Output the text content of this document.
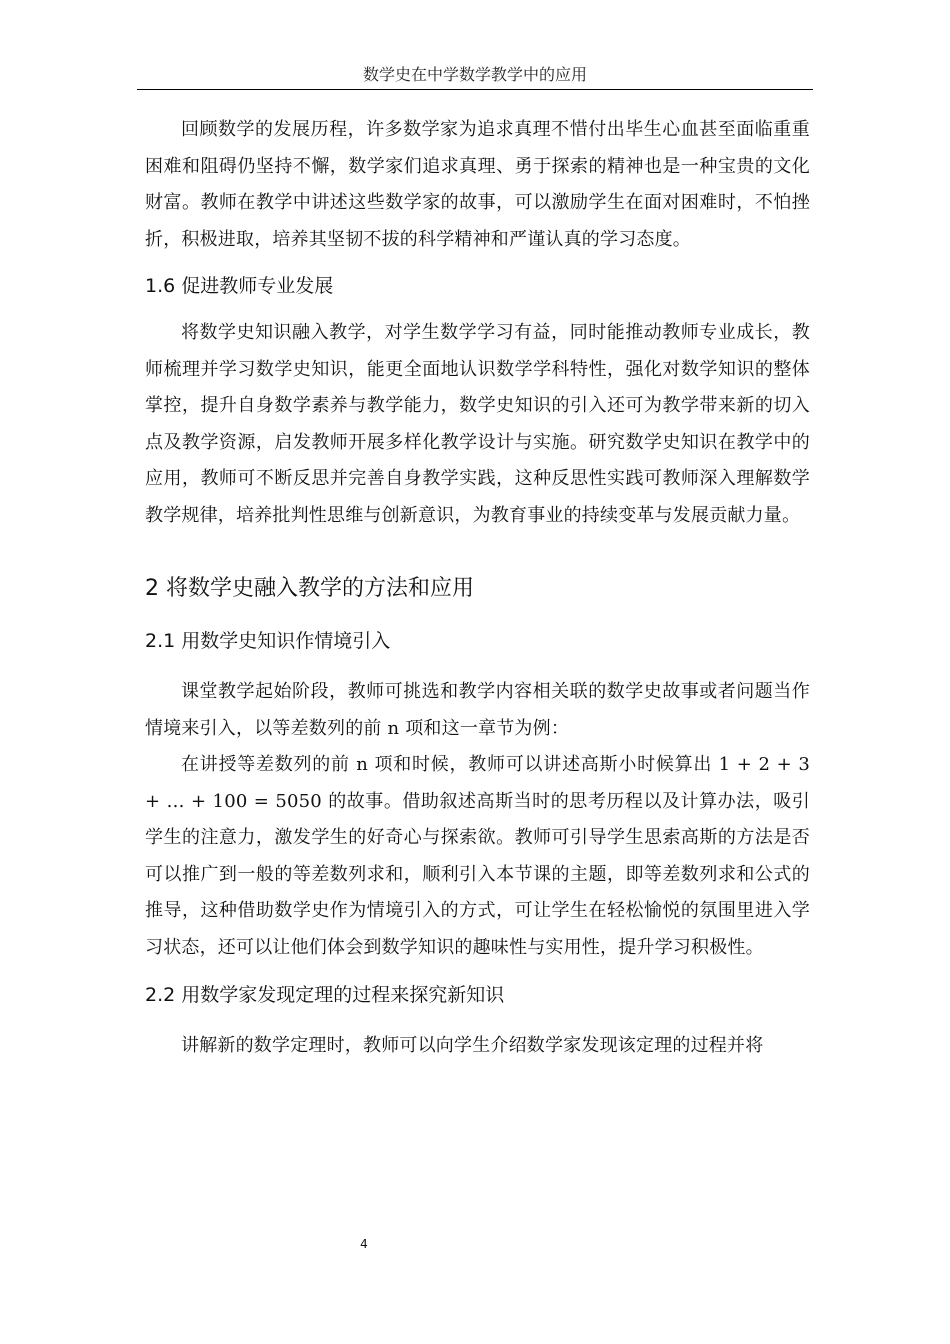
数学史在中学数学教学中的应用

回顾数学的发展历程，许多数学家为追求真理不惜付出毕生心血甚至面临重重困难和阻碍仍坚持不懈，数学家们追求真理、勇于探索的精神也是一种宝贵的文化财富。教师在教学中讲述这些数学家的故事，可以激励学生在面对困难时，不怕挫折，积极进取，培养其坚韧不拔的科学精神和严谨认真的学习态度。

1.6 促进教师专业发展

将数学史知识融入教学，对学生数学学习有益，同时能推动教师专业成长，教师梳理并学习数学史知识，能更全面地认识数学学科特性，强化对数学知识的整体掌控，提升自身数学素养与教学能力，数学史知识的引入还可为教学带来新的切入点及教学资源，启发教师开展多样化教学设计与实施。研究数学史知识在教学中的应用，教师可不断反思并完善自身教学实践，这种反思性实践可教师深入理解数学教学规律，培养批判性思维与创新意识，为教育事业的持续变革与发展贡献力量。

2 将数学史融入教学的方法和应用
2.1 用数学史知识作情境引入

课堂教学起始阶段，教师可挑选和教学内容相关联的数学史故事或者问题当作情境来引入，以等差数列的前 n 项和这一章节为例：

在讲授等差数列的前 n 项和时候，教师可以讲述高斯小时候算出 1 + 2 + 3 + … + 100 = 5050 的故事。借助叙述高斯当时的思考历程以及计算办法，吸引学生的注意力，激发学生的好奇心与探索欲。教师可引导学生思索高斯的方法是否可以推广到一般的等差数列求和，顺利引入本节课的主题，即等差数列求和公式的推导，这种借助数学史作为情境引入的方式，可让学生在轻松愉悦的氛围里进入学习状态，还可以让他们体会到数学知识的趣味性与实用性，提升学习积极性。

2.2 用数学家发现定理的过程来探究新知识

讲解新的数学定理时，教师可以向学生介绍数学家发现该定理的过程并将

4
